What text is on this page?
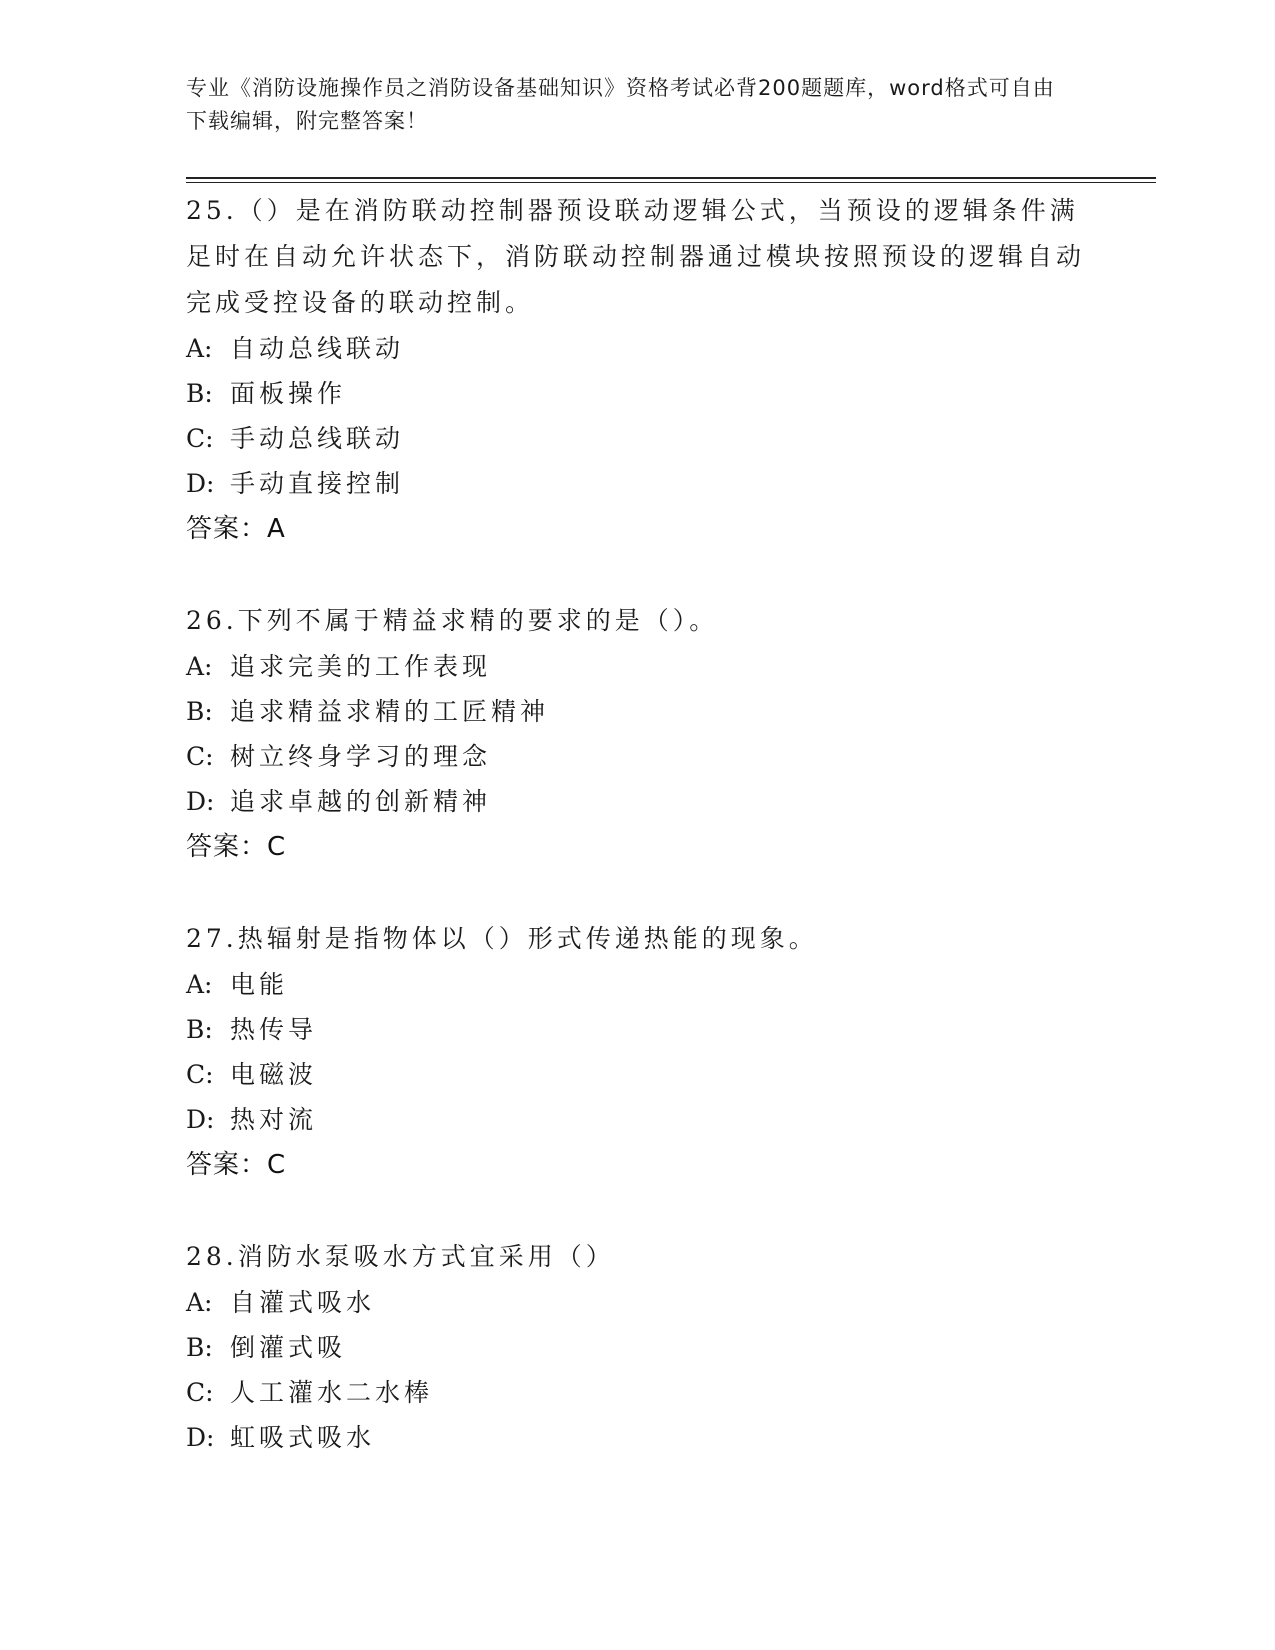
专业《消防设施操作员之消防设备基础知识》资格考试必背200题题库，word格式可自由下载编辑，附完整答案！

25.（）是在消防联动控制器预设联动逻辑公式，当预设的逻辑条件满足时在自动允许状态下，消防联动控制器通过模块按照预设的逻辑自动完成受控设备的联动控制。

A: 自动总线联动
B: 面板操作
C: 手动总线联动
D: 手动直接控制
答案：A

26.下列不属于精益求精的要求的是（）。

A: 追求完美的工作表现
B: 追求精益求精的工匠精神
C: 树立终身学习的理念
D: 追求卓越的创新精神
答案：C

27.热辐射是指物体以（）形式传递热能的现象。

A: 电能
B: 热传导
C: 电磁波
D: 热对流
答案：C

28.消防水泵吸水方式宜采用（）

A: 自灌式吸水
B: 倒灌式吸
C: 人工灌水二水棒
D: 虹吸式吸水
